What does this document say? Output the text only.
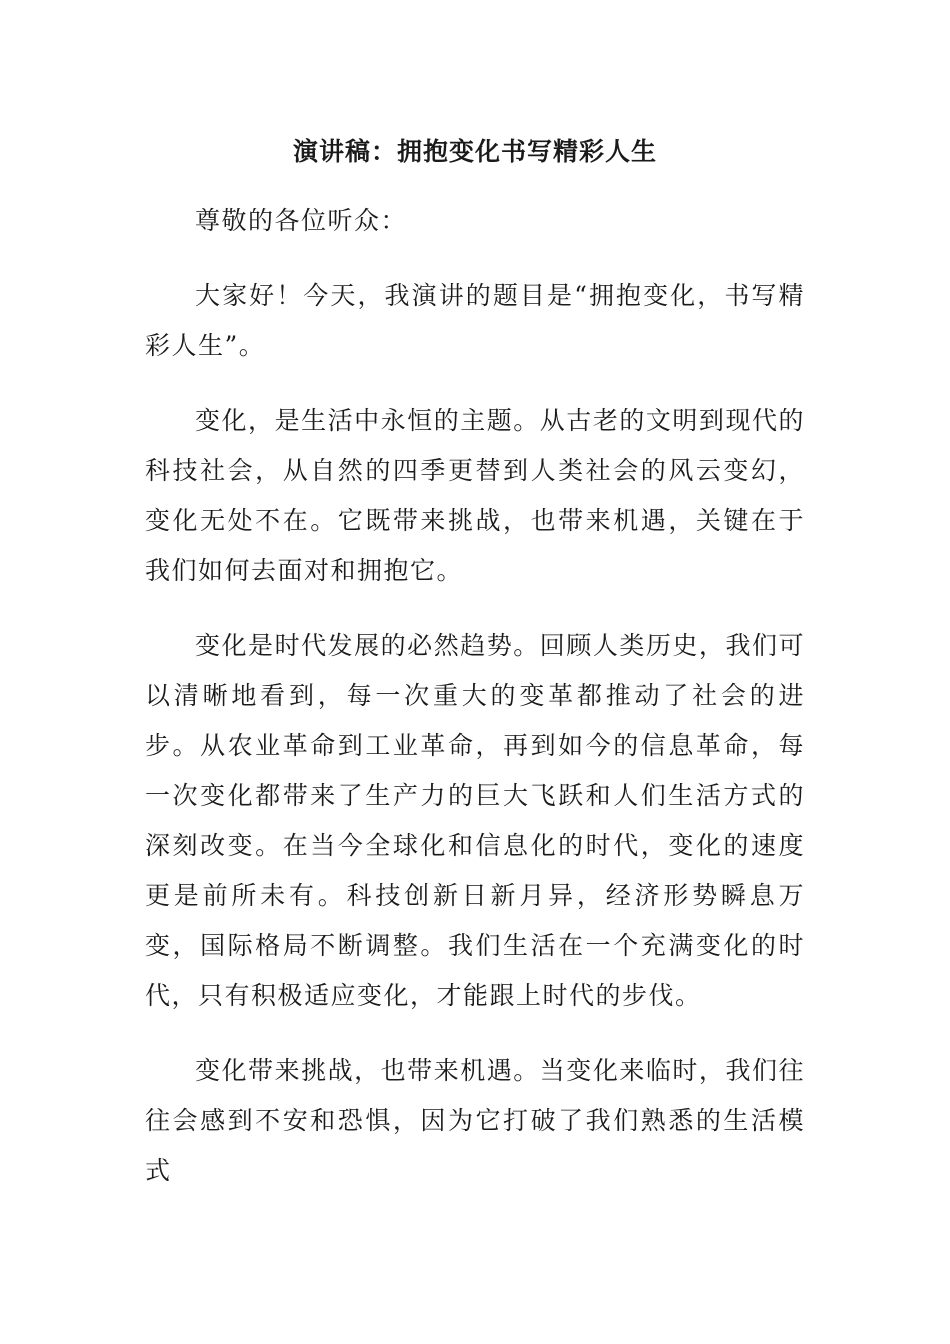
演讲稿：拥抱变化书写精彩人生

尊敬的各位听众：

大家好！今天，我演讲的题目是“拥抱变化，书写精彩人生”。

变化，是生活中永恒的主题。从古老的文明到现代的科技社会，从自然的四季更替到人类社会的风云变幻，变化无处不在。它既带来挑战，也带来机遇，关键在于我们如何去面对和拥抱它。

变化是时代发展的必然趋势。回顾人类历史，我们可以清晰地看到，每一次重大的变革都推动了社会的进步。从农业革命到工业革命，再到如今的信息革命，每一次变化都带来了生产力的巨大飞跃和人们生活方式的深刻改变。在当今全球化和信息化的时代，变化的速度更是前所未有。科技创新日新月异，经济形势瞬息万变，国际格局不断调整。我们生活在一个充满变化的时代，只有积极适应变化，才能跟上时代的步伐。

变化带来挑战，也带来机遇。当变化来临时，我们往往会感到不安和恐惧，因为它打破了我们熟悉的生活模式
